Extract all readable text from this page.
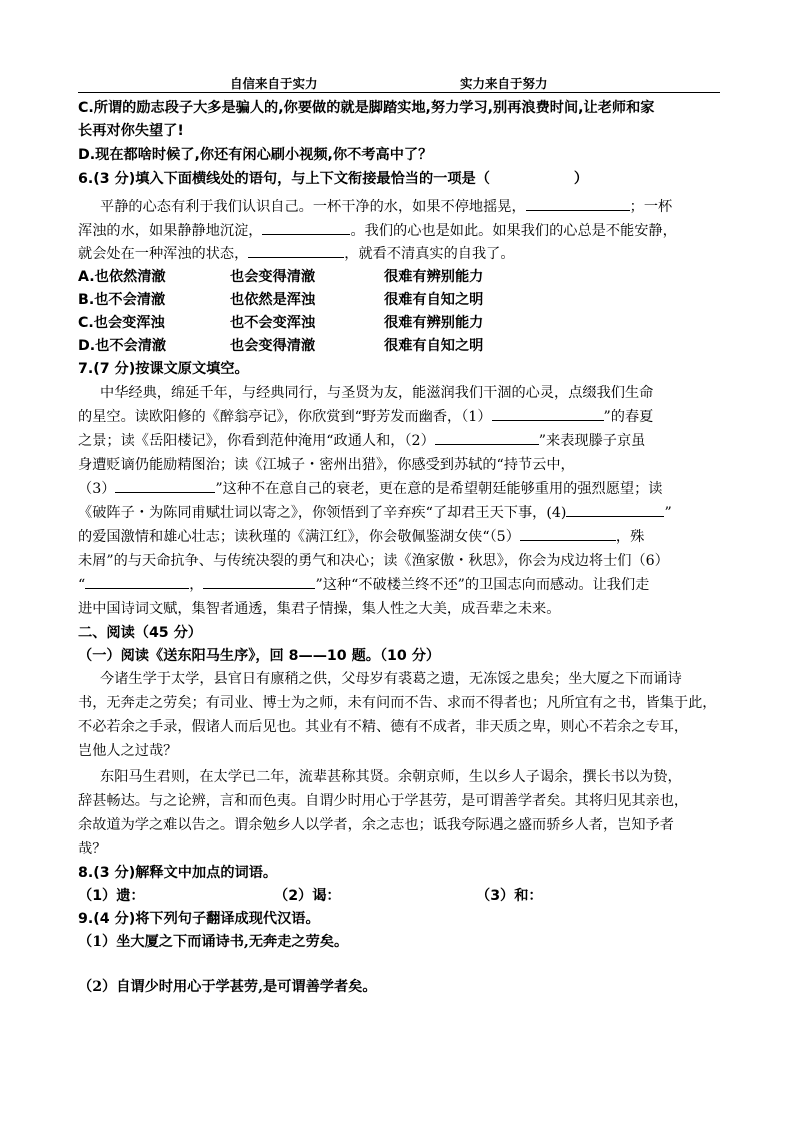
自信来自于实力	实力来自于努力
C.所谓的励志段子大多是骗人的,你要做的就是脚踏实地,努力学习,别再浪费时间,让老师和家
长再对你失望了!
D.现在都啥时候了,你还有闲心刷小视频,你不考高中了？
6.(3 分)填入下面横线处的语句，与上下文衔接最恰当的一项是（	）
平静的心态有利于我们认识自己。一杯干净的水，如果不停地摇晃，	；一杯
浑浊的水，如果静静地沉淀，	。我们的心也是如此。如果我们的心总是不能安静，
就会处在一种浑浊的状态，	，就看不清真实的自我了。
A.也依然清澈	也会变得清澈	很难有辨别能力
B.也不会清澈	也依然是浑浊	很难有自知之明
C.也会变浑浊	也不会变浑浊	很难有辨别能力
D.也不会清澈	也会变得清澈	很难有自知之明
7.(7 分)按课文原文填空。
中华经典，绵延千年，与经典同行，与圣贤为友，能滋润我们干涸的心灵，点缀我们生命
的星空。读欧阳修的《醉翁亭记》，你欣赏到“野芳发而幽香，（1）	”的春夏
之景；读《岳阳楼记》，你看到范仲淹用“政通人和，（2）	”来表现滕子京虽
身遭贬谪仍能励精图治；读《江城子・密州出猎》，你感受到苏轼的“持节云中，
（3）	”这种不在意自己的衰老，更在意的是希望朝廷能够重用的强烈愿望；读
《破阵子・为陈同甫赋壮词以寄之》，你领悟到了辛弃疾“了却君王天下事，(4)	”
的爱国激情和雄心壮志；读秋瑾的《满江红》，你会敬佩鉴湖女侠“（5）	，殊
未屑”的与天命抗争、与传统决裂的勇气和决心；读《渔家傲・秋思》，你会为戍边将士们（6）
“	，	”这种“不破楼兰终不还”的卫国志向而感动。让我们走
进中国诗词文赋，集智者通透，集君子情操，集人性之大美，成吾辈之未来。
二、阅读（45 分）
（一）阅读《送东阳马生序》，回 8——10 题。（10 分）
今诸生学于太学，县官日有廪稍之供，父母岁有裘葛之遗，无冻馁之患矣；坐大厦之下而诵诗
书，无奔走之劳矣；有司业、博士为之师，未有问而不告、求而不得者也；凡所宜有之书，皆集于此，
不必若余之手录，假诸人而后见也。其业有不精、德有不成者，非天质之卑，则心不若余之专耳，
岂他人之过哉？
东阳马生君则，在太学已二年，流辈甚称其贤。余朝京师，生以乡人子谒余，撰长书以为贽，
辞甚畅达。与之论辨，言和而色夷。自谓少时用心于学甚劳，是可谓善学者矣。其将归见其亲也，
余故道为学之难以告之。谓余勉乡人以学者，余之志也；诋我夸际遇之盛而骄乡人者，岂知予者
哉？
8.(3 分)解释文中加点的词语。
（1）遗：	（2）谒：	（3）和：
9.(4 分)将下列句子翻译成现代汉语。
（1）坐大厦之下而诵诗书,无奔走之劳矣。
（2）自谓少时用心于学甚劳,是可谓善学者矣。
